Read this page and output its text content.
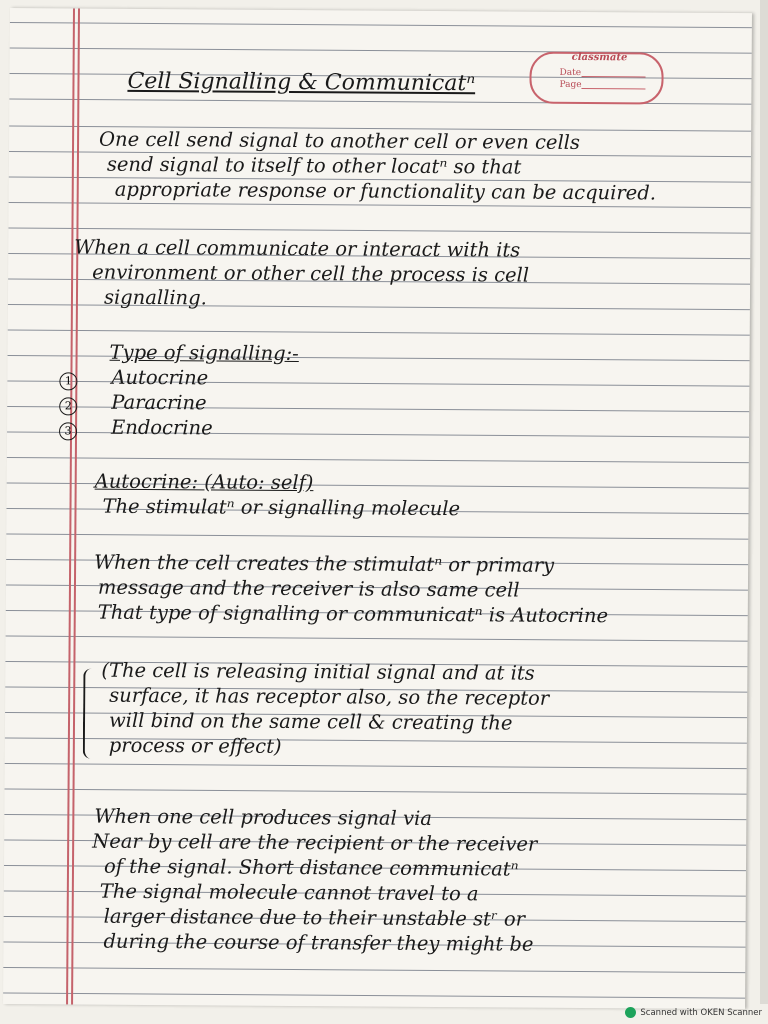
classmate
Date
Page
Cell Signalling & Communicatⁿ
One cell send signal to another cell or even cells
send signal to itself to other locatⁿ so that
appropriate response or functionality can be acquired.
When a cell communicate or interact with its
environment or other cell the process is cell
signalling.
Type of signalling:-
1 Autocrine
2 Paracrine
3 Endocrine
Autocrine: (Auto: self)
The stimulatⁿ or signalling molecule
When the cell creates the stimulatⁿ or primary
message and the receiver is also same cell
That type of signalling or communicatⁿ is Autocrine
(The cell is releasing initial signal and at its
surface, it has receptor also, so the receptor
will bind on the same cell & creating the
process or effect)
When one cell produces signal via
Near by cell are the recipient or the receiver
of the signal. Short distance communicatⁿ
The signal molecule cannot travel to a
larger distance due to their unstable stʳ or
during the course of transfer they might be
Scanned with OKEN Scanner
